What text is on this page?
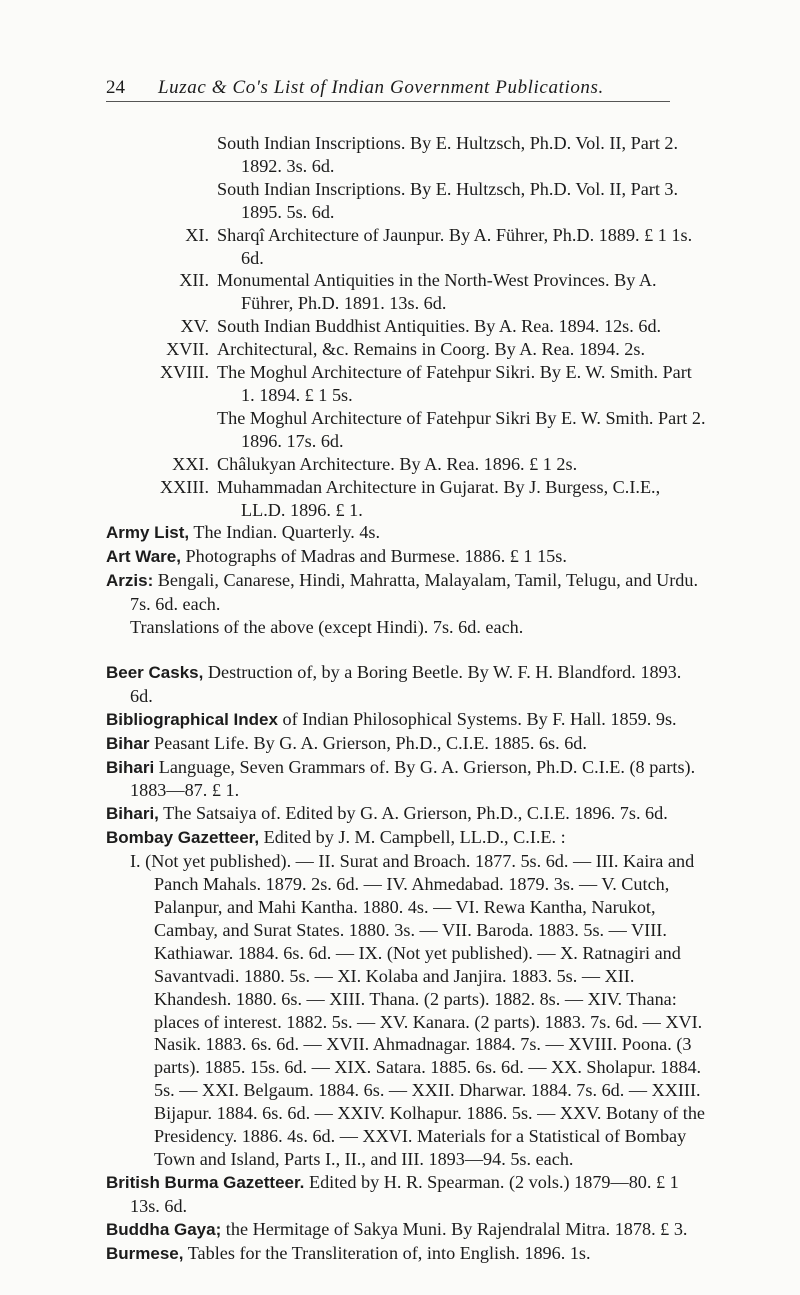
24 Luzac & Co's List of Indian Government Publications.
South Indian Inscriptions. By E. Hultzsch, Ph.D. Vol. II, Part 2. 1892. 3s. 6d.
South Indian Inscriptions. By E. Hultzsch, Ph.D. Vol. II, Part 3. 1895. 5s. 6d.
XI. Sharqî Architecture of Jaunpur. By A. Führer, Ph.D. 1889. £ 1 1s. 6d.
XII. Monumental Antiquities in the North-West Provinces. By A. Führer, Ph.D. 1891. 13s. 6d.
XV. South Indian Buddhist Antiquities. By A. Rea. 1894. 12s. 6d.
XVII. Architectural, &c. Remains in Coorg. By A. Rea. 1894. 2s.
XVIII. The Moghul Architecture of Fatehpur Sikri. By E. W. Smith. Part 1. 1894. £ 1 5s.
The Moghul Architecture of Fatehpur Sikri By E. W. Smith. Part 2. 1896. 17s. 6d.
XXI. Châlukyan Architecture. By A. Rea. 1896. £ 1 2s.
XXIII. Muhammadan Architecture in Gujarat. By J. Burgess, C.I.E., LL.D. 1896. £ 1.
Army List, The Indian. Quarterly. 4s.
Art Ware, Photographs of Madras and Burmese. 1886. £ 1 15s.
Arzis: Bengali, Canarese, Hindi, Mahratta, Malayalam, Tamil, Telugu, and Urdu. 7s. 6d. each.
Translations of the above (except Hindi). 7s. 6d. each.
Beer Casks, Destruction of, by a Boring Beetle. By W. F. H. Blandford. 1893. 6d.
Bibliographical Index of Indian Philosophical Systems. By F. Hall. 1859. 9s.
Bihar Peasant Life. By G. A. Grierson, Ph.D., C.I.E. 1885. 6s. 6d.
Bihari Language, Seven Grammars of. By G. A. Grierson, Ph.D. C.I.E. (8 parts). 1883—87. £ 1.
Bihari, The Satsaiya of. Edited by G. A. Grierson, Ph.D., C.I.E. 1896. 7s. 6d.
Bombay Gazetteer, Edited by J. M. Campbell, LL.D., C.I.E. :
I. (Not yet published). — II. Surat and Broach. 1877. 5s. 6d. — III. Kaira and Panch Mahals. 1879. 2s. 6d. — IV. Ahmedabad. 1879. 3s. — V. Cutch, Palanpur, and Mahi Kantha. 1880. 4s. — VI. Rewa Kantha, Narukot, Cambay, and Surat States. 1880. 3s. — VII. Baroda. 1883. 5s. — VIII. Kathiawar. 1884. 6s. 6d. — IX. (Not yet published). — X. Ratnagiri and Savantvadi. 1880. 5s. — XI. Kolaba and Janjira. 1883. 5s. — XII. Khandesh. 1880. 6s. — XIII. Thana. (2 parts). 1882. 8s. — XIV. Thana: places of interest. 1882. 5s. — XV. Kanara. (2 parts). 1883. 7s. 6d. — XVI. Nasik. 1883. 6s. 6d. — XVII. Ahmadnagar. 1884. 7s. — XVIII. Poona. (3 parts). 1885. 15s. 6d. — XIX. Satara. 1885. 6s. 6d. — XX. Sholapur. 1884. 5s. — XXI. Belgaum. 1884. 6s. — XXII. Dharwar. 1884. 7s. 6d. — XXIII. Bijapur. 1884. 6s. 6d. — XXIV. Kolhapur. 1886. 5s. — XXV. Botany of the Presidency. 1886. 4s. 6d. — XXVI. Materials for a Statistical of Bombay Town and Island, Parts I., II., and III. 1893—94. 5s. each.
British Burma Gazetteer. Edited by H. R. Spearman. (2 vols.) 1879—80. £ 1 13s. 6d.
Buddha Gaya; the Hermitage of Sakya Muni. By Rajendralal Mitra. 1878. £ 3.
Burmese, Tables for the Transliteration of, into English. 1896. 1s.
